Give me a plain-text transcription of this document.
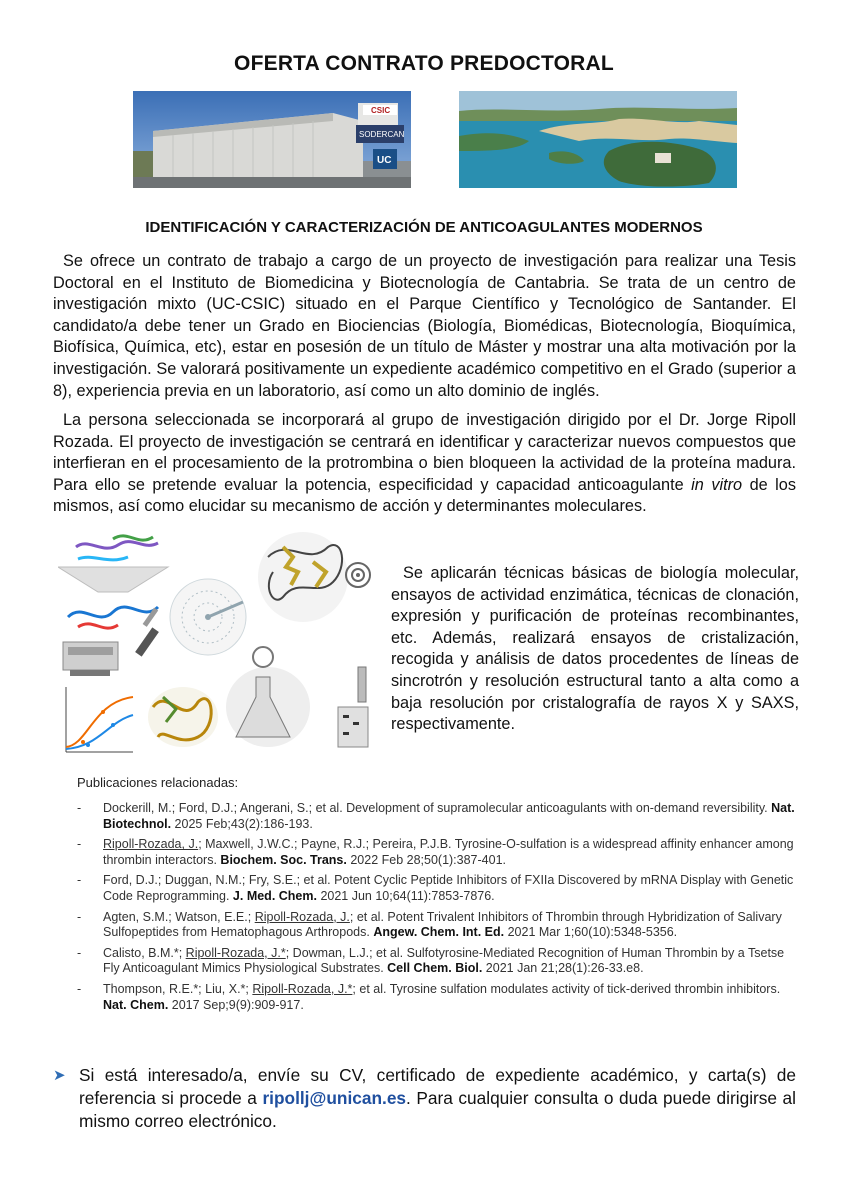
OFERTA CONTRATO PREDOCTORAL
CSIC
SODERCAN
UC
IDENTIFICACIÓN Y CARACTERIZACIÓN DE ANTICOAGULANTES MODERNOS

Se ofrece un contrato de trabajo a cargo de un proyecto de investigación para realizar una Tesis Doctoral en el Instituto de Biomedicina y Biotecnología de Cantabria. Se trata de un centro de investigación mixto (UC-CSIC) situado en el Parque Científico y Tecnológico de Santander. El candidato/a debe tener un Grado en Biociencias (Biología, Biomédicas, Biotecnología, Bioquímica, Biofísica, Química, etc), estar en posesión de un título de Máster y mostrar una alta motivación por la investigación. Se valorará positivamente un expediente académico competitivo en el Grado (superior a 8), experiencia previa en un laboratorio, así como un alto dominio de inglés.

La persona seleccionada se incorporará al grupo de investigación dirigido por el Dr. Jorge Ripoll Rozada. El proyecto de investigación se centrará en identificar y caracterizar nuevos compuestos que interfieran en el procesamiento de la protrombina o bien bloqueen la actividad de la proteína madura. Para ello se pretende evaluar la potencia, especificidad y capacidad anticoagulante in vitro de los mismos, así como elucidar su mecanismo de acción y determinantes moleculares.

Se aplicarán técnicas básicas de biología molecular, ensayos de actividad enzimática, técnicas de clonación, expresión y purificación de proteínas recombinantes, etc. Además, realizará ensayos de cristalización, recogida y análisis de datos procedentes de líneas de sincrotrón y resolución estructural tanto a alta como a baja resolución por cristalografía de rayos X y SAXS, respectivamente.

Publicaciones relacionadas:
- Dockerill, M.; Ford, D.J.; Angerani, S.; et al. Development of supramolecular anticoagulants with on-demand reversibility. Nat. Biotechnol. 2025 Feb;43(2):186-193.
- Ripoll-Rozada, J.; Maxwell, J.W.C.; Payne, R.J.; Pereira, P.J.B. Tyrosine-O-sulfation is a widespread affinity enhancer among thrombin interactors. Biochem. Soc. Trans. 2022 Feb 28;50(1):387-401.
- Ford, D.J.; Duggan, N.M.; Fry, S.E.; et al. Potent Cyclic Peptide Inhibitors of FXIIa Discovered by mRNA Display with Genetic Code Reprogramming. J. Med. Chem. 2021 Jun 10;64(11):7853-7876.
- Agten, S.M.; Watson, E.E.; Ripoll-Rozada, J.; et al. Potent Trivalent Inhibitors of Thrombin through Hybridization of Salivary Sulfopeptides from Hematophagous Arthropods. Angew. Chem. Int. Ed. 2021 Mar 1;60(10):5348-5356.
- Calisto, B.M.*; Ripoll-Rozada, J.*; Dowman, L.J.; et al. Sulfotyrosine-Mediated Recognition of Human Thrombin by a Tsetse Fly Anticoagulant Mimics Physiological Substrates. Cell Chem. Biol. 2021 Jan 21;28(1):26-33.e8.
- Thompson, R.E.*; Liu, X.*; Ripoll-Rozada, J.*; et al. Tyrosine sulfation modulates activity of tick-derived thrombin inhibitors. Nat. Chem. 2017 Sep;9(9):909-917.

➤ Si está interesado/a, envíe su CV, certificado de expediente académico, y carta(s) de referencia si procede a ripollj@unican.es. Para cualquier consulta o duda puede dirigirse al mismo correo electrónico.
